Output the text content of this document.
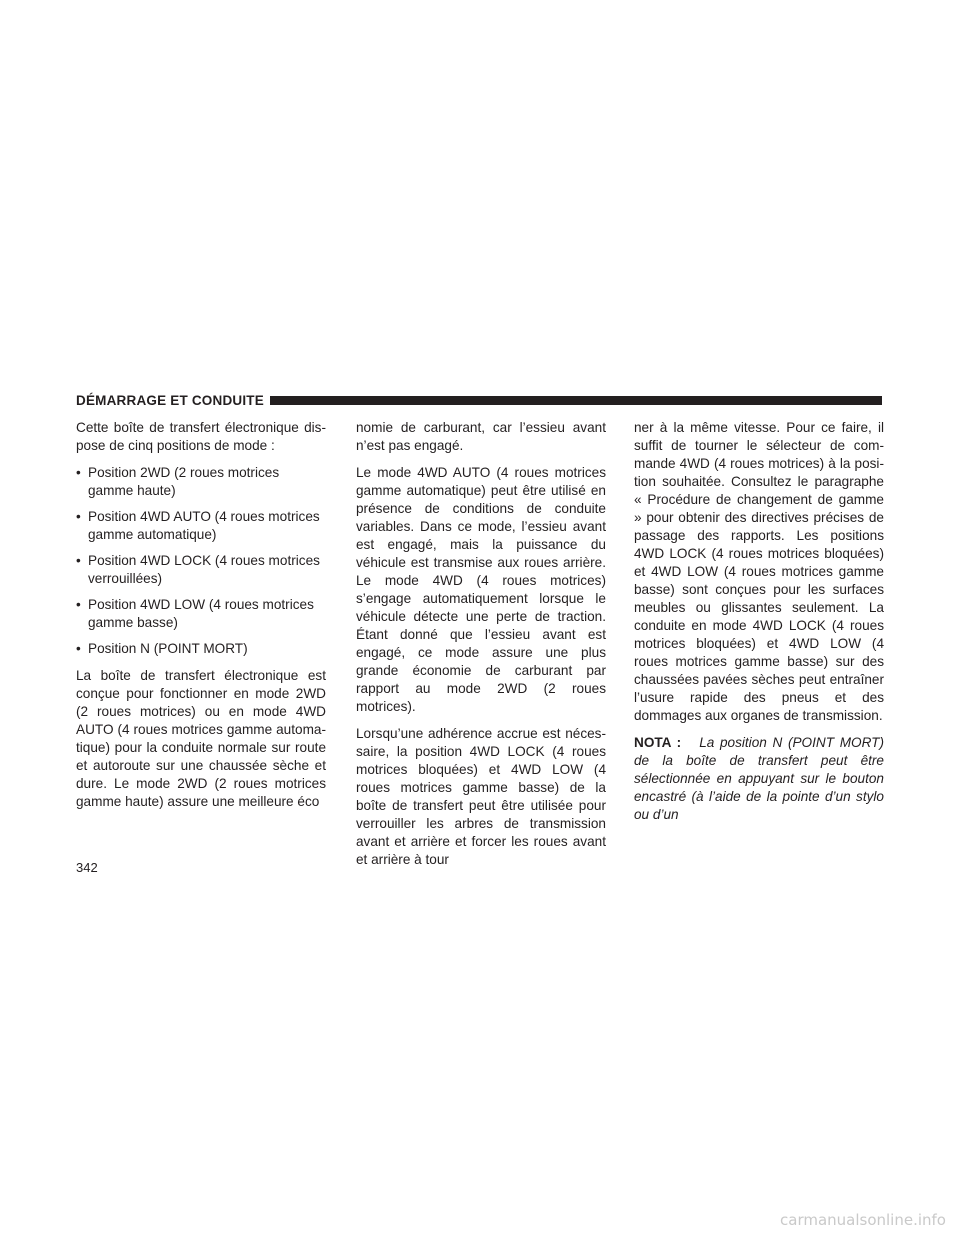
DÉMARRAGE ET CONDUITE

Cette boîte de transfert électronique dispose de cinq positions de mode :

• Position 2WD (2 roues motrices gamme haute)
• Position 4WD AUTO (4 roues motrices gamme automatique)
• Position 4WD LOCK (4 roues motrices verrouillées)
• Position 4WD LOW (4 roues motrices gamme basse)
• Position N (POINT MORT)

La boîte de transfert électronique est conçue pour fonctionner en mode 2WD (2 roues motrices) ou en mode 4WD AUTO (4 roues motrices gamme automatique) pour la conduite normale sur route et autoroute sur une chaussée sèche et dure. Le mode 2WD (2 roues motrices gamme haute) assure une meilleure éco

nomie de carburant, car l’essieu avant n’est pas engagé.

Le mode 4WD AUTO (4 roues motrices gamme automatique) peut être utilisé en présence de conditions de conduite variables. Dans ce mode, l’essieu avant est engagé, mais la puissance du véhicule est transmise aux roues arrière. Le mode 4WD (4 roues motrices) s’engage automatiquement lorsque le véhicule détecte une perte de traction. Étant donné que l’essieu avant est engagé, ce mode assure une plus grande économie de carburant par rapport au mode 2WD (2 roues motrices).

Lorsqu’une adhérence accrue est nécessaire, la position 4WD LOCK (4 roues motrices bloquées) et 4WD LOW (4 roues motrices gamme basse) de la boîte de transfert peut être utilisée pour verrouiller les arbres de transmission avant et arrière et forcer les roues avant et arrière à tour

ner à la même vitesse. Pour ce faire, il suffit de tourner le sélecteur de commande 4WD (4 roues motrices) à la position souhaitée. Consultez le paragraphe « Procédure de changement de gamme » pour obtenir des directives précises de passage des rapports. Les positions 4WD LOCK (4 roues motrices bloquées) et 4WD LOW (4 roues motrices gamme basse) sont conçues pour les surfaces meubles ou glissantes seulement. La conduite en mode 4WD LOCK (4 roues motrices bloquées) et 4WD LOW (4 roues motrices gamme basse) sur des chaussées pavées sèches peut entraîner l’usure rapide des pneus et des dommages aux organes de transmission.

NOTA : La position N (POINT MORT) de la boîte de transfert peut être sélectionnée en appuyant sur le bouton encastré (à l’aide de la pointe d’un stylo ou d’un

342
carmanualsonline.info
